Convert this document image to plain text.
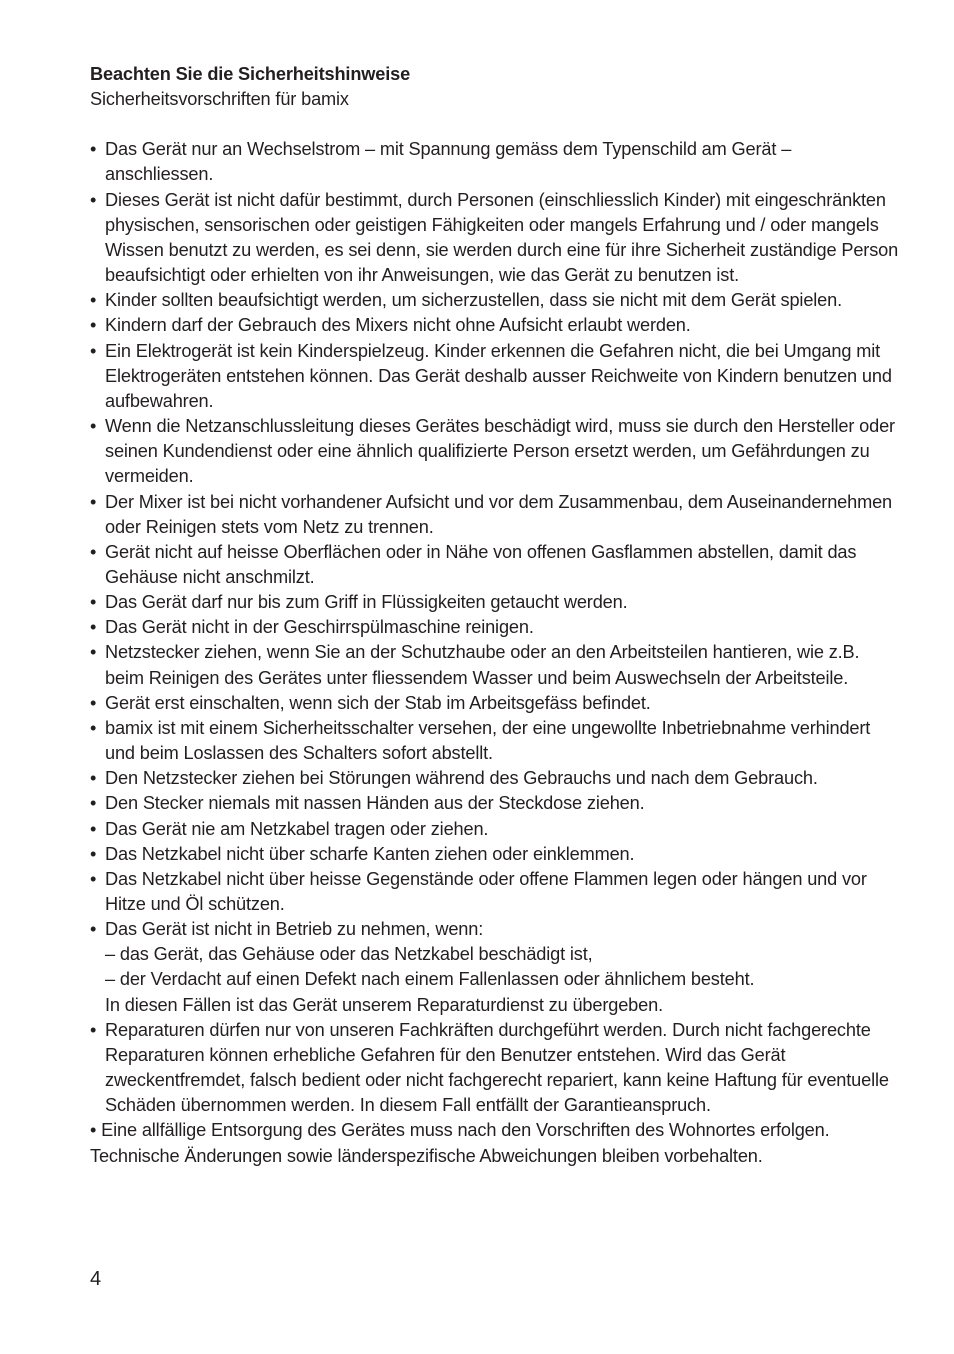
Beachten Sie die Sicherheitshinweise

Sicherheitsvorschriften für bamix

• Das Gerät nur an Wechselstrom – mit Spannung gemäss dem Typenschild am Gerät – anschliessen.
• Dieses Gerät ist nicht dafür bestimmt, durch Personen (einschliesslich Kinder) mit eingeschränkten physischen, sensorischen oder geistigen Fähigkeiten oder mangels Erfahrung und / oder mangels Wissen benutzt zu werden, es sei denn, sie werden durch eine für ihre Sicherheit zuständige Person beaufsichtigt oder erhielten von ihr Anweisungen, wie das Gerät zu benutzen ist.
• Kinder sollten beaufsichtigt werden, um sicherzustellen, dass sie nicht mit dem Gerät spielen.
• Kindern darf der Gebrauch des Mixers nicht ohne Aufsicht erlaubt werden.
• Ein Elektrogerät ist kein Kinderspielzeug. Kinder erkennen die Gefahren nicht, die bei Umgang mit Elektrogeräten entstehen können. Das Gerät deshalb ausser Reichweite von Kindern benutzen und aufbewahren.
• Wenn die Netzanschlussleitung dieses Gerätes beschädigt wird, muss sie durch den Hersteller oder seinen Kundendienst oder eine ähnlich qualifizierte Person ersetzt werden, um Gefährdungen zu vermeiden.
• Der Mixer ist bei nicht vorhandener Aufsicht und vor dem Zusammenbau, dem Auseinandernehmen oder Reinigen stets vom Netz zu trennen.
• Gerät nicht auf heisse Oberflächen oder in Nähe von offenen Gasflammen abstellen, damit das Gehäuse nicht anschmilzt.
• Das Gerät darf nur bis zum Griff in Flüssigkeiten getaucht werden.
• Das Gerät nicht in der Geschirrspülmaschine reinigen.
• Netzstecker ziehen, wenn Sie an der Schutzhaube oder an den Arbeitsteilen hantieren, wie z.B. beim Reinigen des Gerätes unter fliessendem Wasser und beim Auswechseln der Arbeitsteile.
• Gerät erst einschalten, wenn sich der Stab im Arbeitsgefäss befindet.
• bamix ist mit einem Sicherheitsschalter versehen, der eine ungewollte Inbetriebnahme verhindert und beim Loslassen des Schalters sofort abstellt.
• Den Netzstecker ziehen bei Störungen während des Gebrauchs und nach dem Gebrauch.
• Den Stecker niemals mit nassen Händen aus der Steckdose ziehen.
• Das Gerät nie am Netzkabel tragen oder ziehen.
• Das Netzkabel nicht über scharfe Kanten ziehen oder einklemmen.
• Das Netzkabel nicht über heisse Gegenstände oder offene Flammen legen oder hängen und vor Hitze und Öl schützen.
• Das Gerät ist nicht in Betrieb zu nehmen, wenn:
– das Gerät, das Gehäuse oder das Netzkabel beschädigt ist,
– der Verdacht auf einen Defekt nach einem Fallenlassen oder ähnlichem besteht.
In diesen Fällen ist das Gerät unserem Reparaturdienst zu übergeben.
• Reparaturen dürfen nur von unseren Fachkräften durchgeführt werden. Durch nicht fachgerechte Reparaturen können erhebliche Gefahren für den Benutzer entstehen. Wird das Gerät zweckentfremdet, falsch bedient oder nicht fachgerecht repariert, kann keine Haftung für eventuelle Schäden übernommen werden. In diesem Fall entfällt der Garantieanspruch.

• Eine allfällige Entsorgung des Gerätes muss nach den Vorschriften des Wohnortes erfolgen.

Technische Änderungen sowie länderspezifische Abweichungen bleiben vorbehalten.

4
